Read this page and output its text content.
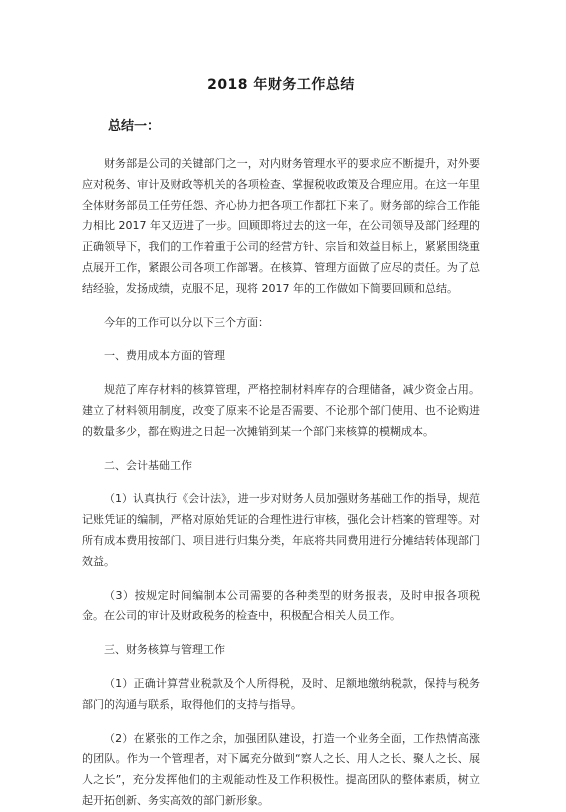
2018 年财务工作总结
总结一：

财务部是公司的关键部门之一，对内财务管理水平的要求应不断提升，对外要应对税务、审计及财政等机关的各项检查、掌握税收政策及合理应用。在这一年里全体财务部员工任劳任怨、齐心协力把各项工作都扛下来了。财务部的综合工作能力相比 2017 年又迈进了一步。回顾即将过去的这一年，在公司领导及部门经理的正确领导下，我们的工作着重于公司的经营方针、宗旨和效益目标上，紧紧围绕重点展开工作，紧跟公司各项工作部署。在核算、管理方面做了应尽的责任。为了总结经验，发扬成绩，克服不足，现将 2017 年的工作做如下简要回顾和总结。

今年的工作可以分以下三个方面：

一、费用成本方面的管理

规范了库存材料的核算管理，严格控制材料库存的合理储备，减少资金占用。建立了材料领用制度，改变了原来不论是否需要、不论那个部门使用、也不论购进的数量多少，都在购进之日起一次摊销到某一个部门来核算的模糊成本。

二、会计基础工作

（1）认真执行《会计法》，进一步对财务人员加强财务基础工作的指导，规范记账凭证的编制，严格对原始凭证的合理性进行审核，强化会计档案的管理等。对所有成本费用按部门、项目进行归集分类，年底将共同费用进行分摊结转体现部门效益。

（3）按规定时间编制本公司需要的各种类型的财务报表，及时申报各项税金。在公司的审计及财政税务的检查中，积极配合相关人员工作。

三、财务核算与管理工作

（1）正确计算营业税款及个人所得税，及时、足额地缴纳税款，保持与税务部门的沟通与联系，取得他们的支持与指导。

（2）在紧张的工作之余，加强团队建设，打造一个业务全面，工作热情高涨的团队。作为一个管理者，对下属充分做到“察人之长、用人之长、聚人之长、展人之长”，充分发挥他们的主观能动性及工作积极性。提高团队的整体素质，树立起开拓创新、务实高效的部门新形象。
